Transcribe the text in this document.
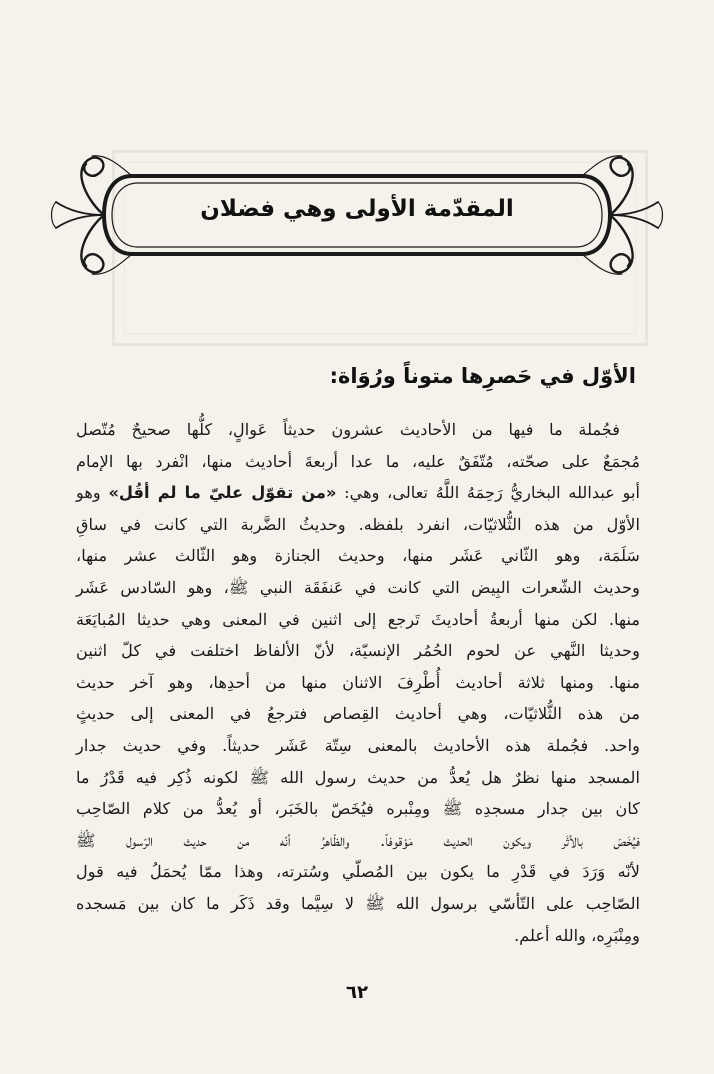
المقدّمة الأولى وهي فضلان
الأوّل في حَصرِها متوناً ورُوَاة:
فجُملة ما فيها من الأحاديث عشرون حديثاً عَوالٍ، كلُّها صحيحٌ مُتّصل
مُجمَعٌ على صحّته، مُتّفَقٌ عليه، ما عدا أربعةَ أحاديث منها، انْفرد بها الإمام
أبو عبدالله البخاريُّ رَحِمَهُ اللَّهُ تعالى، وهي: «من تقوّل عليّ ما لم أقُل» وهو
الأوّل من هذه الثُّلاثيّات، انفرد بلفظه. وحديثُ الضَّربة التي كانت في ساقِ
سَلَمَة، وهو الثّاني عَشَر منها، وحديث الجنازة وهو الثّالث عشر منها،
وحديث الشّعرات البِيض التي كانت في عَنفَقَة النبي ﷺ، وهو السّادس عَشَر
منها. لكن منها أربعةُ أحاديثَ تَرجع إلى اثنين في المعنى وهي حديثا المُبايَعَة
وحديثا النَّهي عن لحوم الحُمُر الإنسيّة، لأنّ الألفاظ اختلفت في كلّ اثنين
منها. ومنها ثلاثة أحاديث أُطْرِفَ الاثنان منها من أحدِها، وهو آخر حديث
من هذه الثُّلاثيّات، وهي أحاديث القِصاص فترجعُ في المعنى إلى حديثٍ
واحد. فجُملة هذه الأحاديث بالمعنى سِتّة عَشَر حديثاً. وفي حديث جدار
المسجد منها نظرٌ هل يُعدُّ من حديث رسول الله ﷺ لكونه ذُكِر فيه قَدْرُ ما
كان بين جدار مسجدِه ﷺ ومِنْبره فيُخَصّ بالخَبَر، أو يُعدُّ من كلام الصّاحِب
فيُخَصّ بالأثَر ويكون الحديث مَوْقوفاً. والظّاهرُ أنّه من حديث الرّسول ﷺ
لأنّه وَرَدَ في قَدْرِ ما يكون بين المُصلّي وسُترته، وهذا ممّا يُحمَلُ فيه قول
الصّاحِب على التّأسّي برسول الله ﷺ لا سِيَّما وقد ذَكَر ما كان بين مَسجده
ومِنْبَرِه، والله أعلم.
٦٢
